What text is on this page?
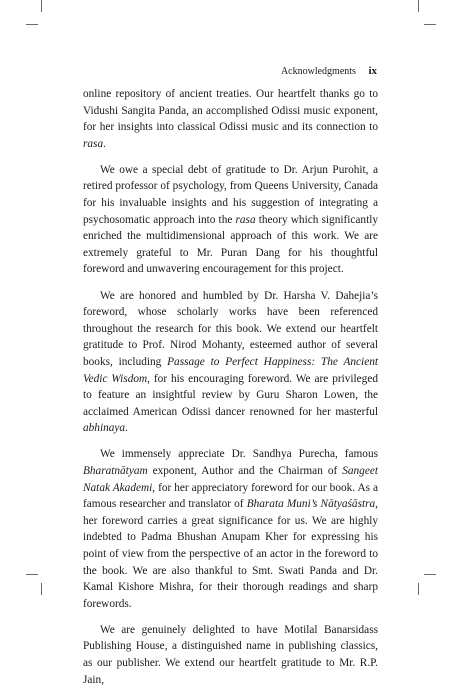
Acknowledgments ix

online repository of ancient treaties. Our heartfelt thanks go to Vidushi Sangita Panda, an accomplished Odissi music exponent, for her insights into classical Odissi music and its connection to rasa.

We owe a special debt of gratitude to Dr. Arjun Purohit, a retired professor of psychology, from Queens University, Canada for his invaluable insights and his suggestion of integrating a psychosomatic approach into the rasa theory which significantly enriched the multidimensional approach of this work. We are extremely grateful to Mr. Puran Dang for his thoughtful foreword and unwavering encouragement for this project.

We are honored and humbled by Dr. Harsha V. Dahejia’s foreword, whose scholarly works have been referenced throughout the research for this book. We extend our heartfelt gratitude to Prof. Nirod Mohanty, esteemed author of several books, including Passage to Perfect Happiness: The Ancient Vedic Wisdom, for his encouraging foreword. We are privileged to feature an insightful review by Guru Sharon Lowen, the acclaimed American Odissi dancer renowned for her masterful abhinaya.

We immensely appreciate Dr. Sandhya Purecha, famous Bharatnātyam exponent, Author and the Chairman of Sangeet Natak Akademi, for her appreciatory foreword for our book. As a famous researcher and translator of Bharata Muni’s Nātyaśāstra, her foreword carries a great significance for us. We are highly indebted to Padma Bhushan Anupam Kher for expressing his point of view from the perspective of an actor in the foreword to the book. We are also thankful to Smt. Swati Panda and Dr. Kamal Kishore Mishra, for their thorough readings and sharp forewords.

We are genuinely delighted to have Motilal Banarsidass Publishing House, a distinguished name in publishing classics, as our publisher. We extend our heartfelt gratitude to Mr. R.P. Jain,
